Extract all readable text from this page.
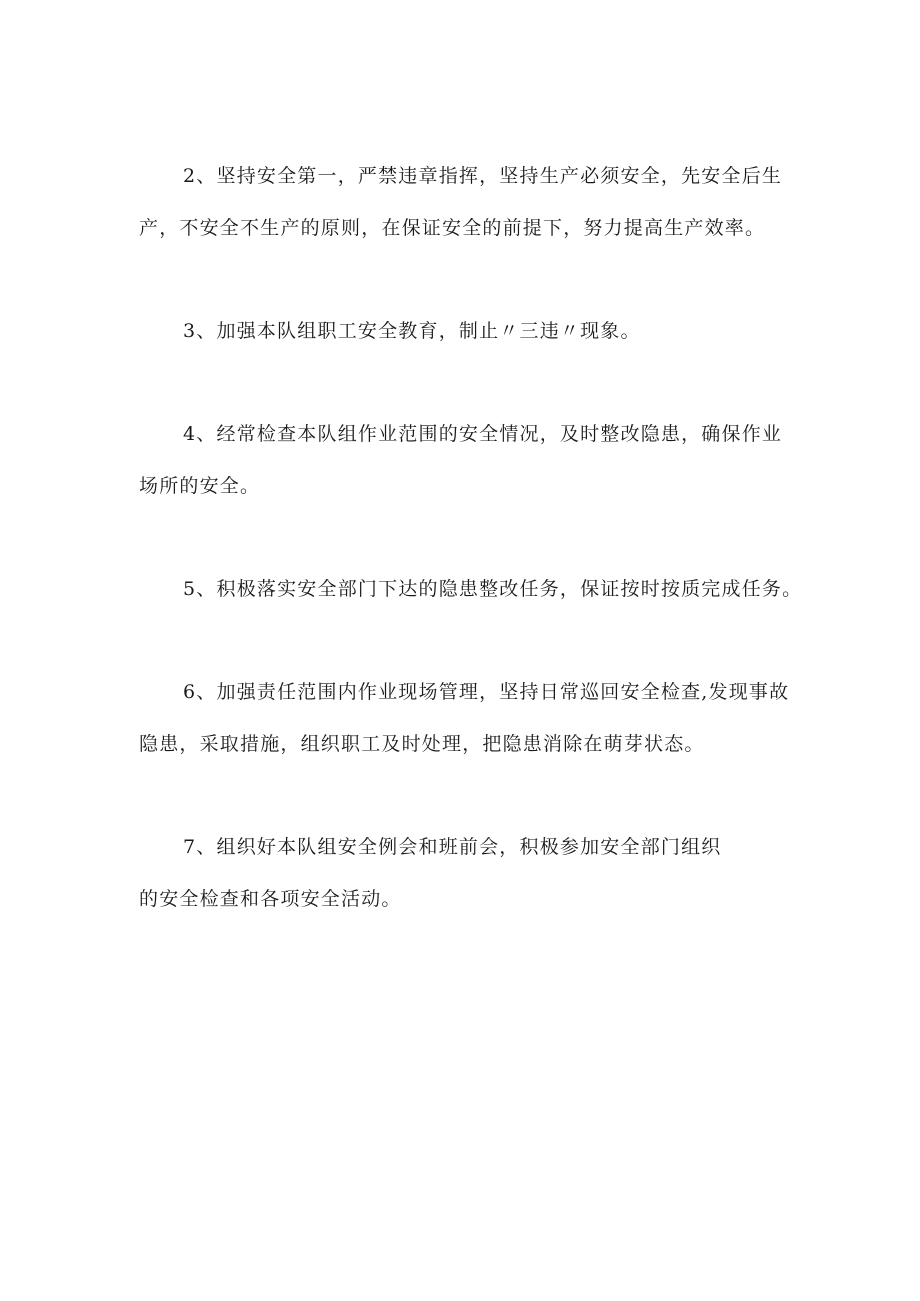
2、坚持安全第一，严禁违章指挥，坚持生产必须安全，先安全后生
产，不安全不生产的原则，在保证安全的前提下，努力提高生产效率。

3、加强本队组职工安全教育，制止〃三违〃现象。

4、经常检查本队组作业范围的安全情况，及时整改隐患，确保作业
场所的安全。

5、积极落实安全部门下达的隐患整改任务，保证按时按质完成任务。

6、加强责任范围内作业现场管理，坚持日常巡回安全检查,发现事故
隐患，采取措施，组织职工及时处理，把隐患消除在萌芽状态。

7、组织好本队组安全例会和班前会，积极参加安全部门组织
的安全检查和各项安全活动。
